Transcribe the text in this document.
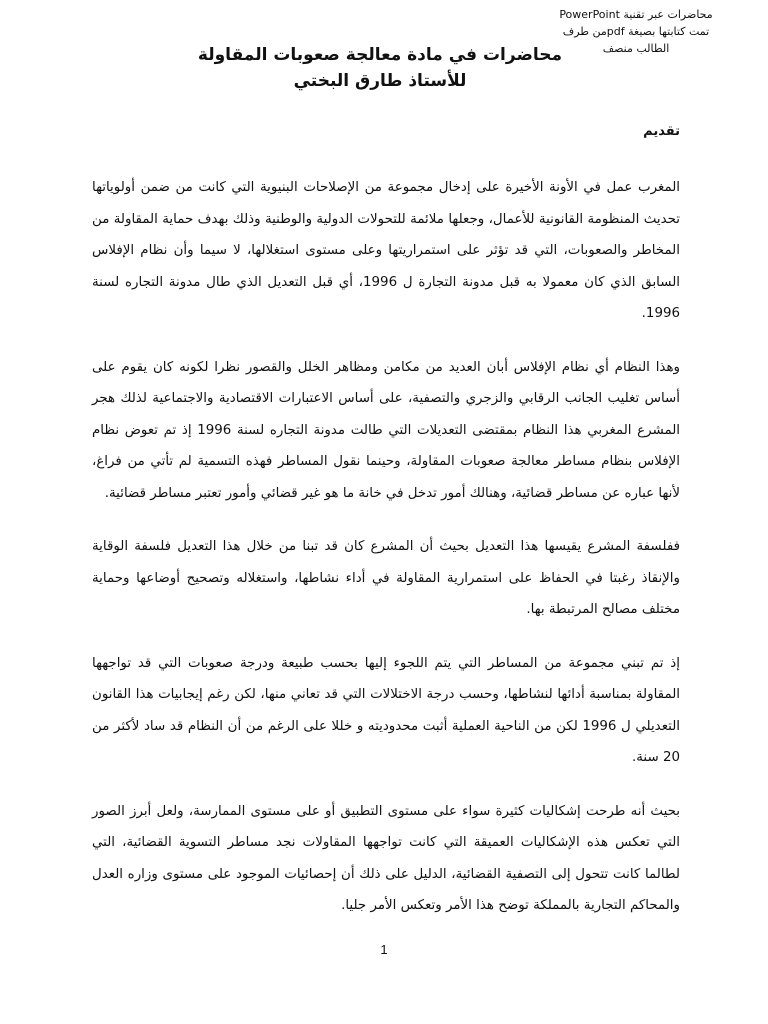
محاضرات عبر تقنية PowerPoint
تمت كتابتها بصيغة pdfمن طرف
الطالب منصف
محاضرات في مادة معالجة صعوبات المقاولة
للأستاذ طارق البختي
تقديم

المغرب عمل في الأونة الأخيرة على إدخال مجموعة من الإصلاحات البنيوية التي كانت من ضمن أولوياتها تحديث المنظومة القانونية للأعمال، وجعلها ملائمة للتحولات الدولية والوطنية وذلك بهدف حماية المقاولة من المخاطر والصعوبات، التي قد تؤثر على استمراريتها وعلى مستوى استغلالها، لا سيما وأن نظام الإفلاس السابق الذي كان معمولا به قبل مدونة التجارة ل 1996، أي قبل التعديل الذي طال مدونة التجاره لسنة 1996.

وهذا النظام أي نظام الإفلاس أبان العديد من مكامن ومظاهر الخلل والقصور نظرا لكونه كان يقوم على أساس تغليب الجانب الرقابي والزجري والتصفية، على أساس الاعتبارات الاقتصادية والاجتماعية لذلك هجر المشرع المغربي هذا النظام بمقتضى التعديلات التي طالت مدونة التجاره لسنة 1996 إذ تم تعوض نظام الإفلاس بنظام مساطر معالجة صعوبات المقاولة، وحينما نقول المساطر فهذه التسمية لم تأتي من فراغ، لأنها عباره عن مساطر قضائية، وهنالك أمور تدخل في خانة ما هو غير قضائي وأمور تعتبر مساطر قضائية.

ففلسفة المشرع يقيسها هذا التعديل بحيث أن المشرع كان قد تبنا من خلال هذا التعديل فلسفة الوقاية والإنقاذ رغبتا في الحفاظ على استمرارية المقاولة في أداء نشاطها، واستغلاله وتصحيح أوضاعها وحماية مختلف مصالح المرتبطة بها.

إذ تم تبني مجموعة من المساطر التي يتم اللجوء إليها بحسب طبيعة ودرجة صعوبات التي قد تواجهها المقاولة بمناسبة أدائها لنشاطها، وحسب درجة الاختلالات التي قد تعاني منها، لكن رغم إيجابيات هذا القانون التعديلي ل 1996 لكن من الناحية العملية أثبت محدوديته و خللا على الرغم من أن النظام قد ساد لأكثر من 20 سنة.

بحيث أنه طرحت إشكاليات كثيرة سواء على مستوى التطبيق أو على مستوى الممارسة، ولعل أبرز الصور التي تعكس هذه الإشكاليات العميقة التي كانت تواجهها المقاولات نجد مساطر التسوية القضائية، التي لطالما كانت تتحول إلى التصفية القضائية، الدليل على ذلك أن إحصائيات الموجود على مستوى وزاره العدل والمحاكم التجارية بالمملكة توضح هذا الأمر وتعكس الأمر جليا.

1
